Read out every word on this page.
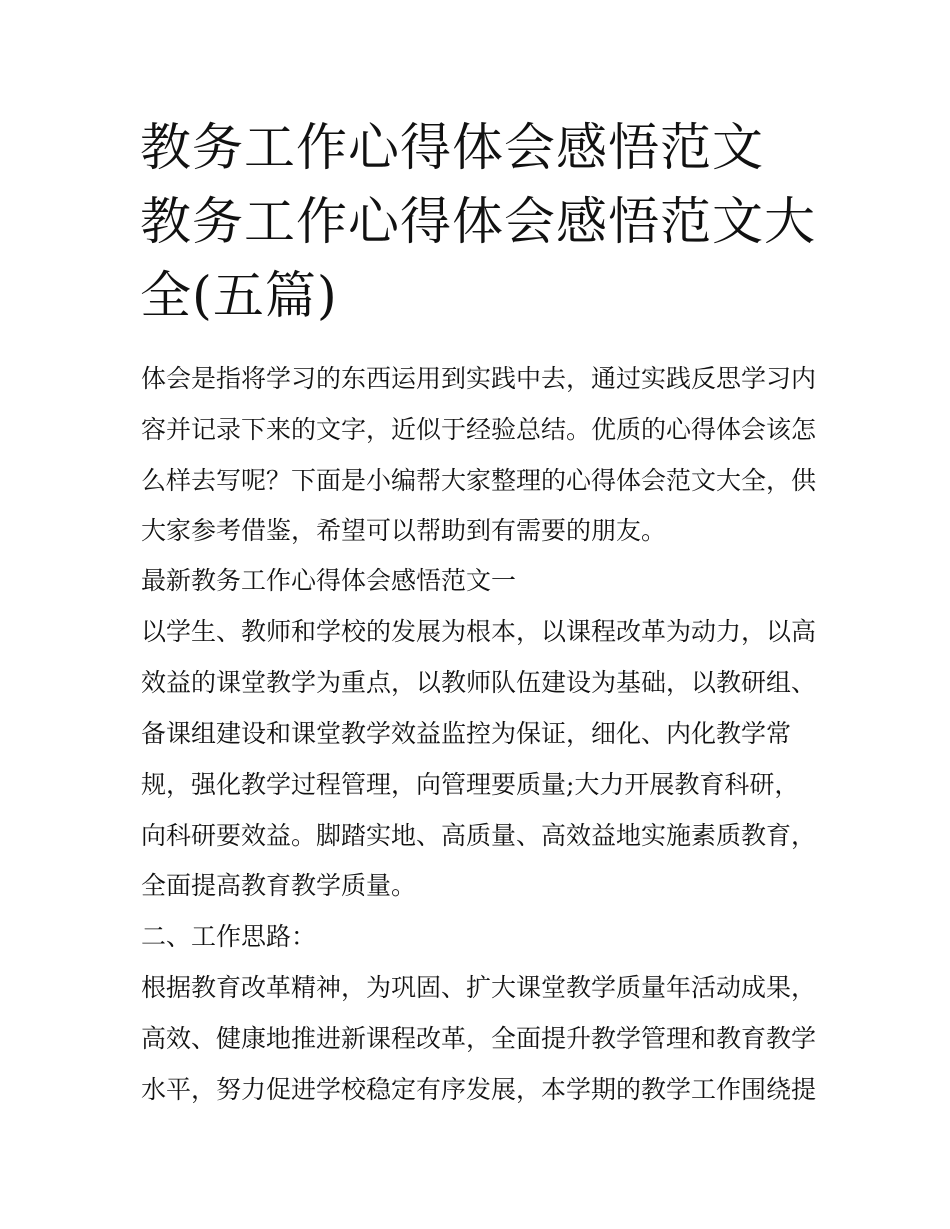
教务工作心得体会感悟范文 教务工作心得体会感悟范文大全(五篇)

体会是指将学习的东西运用到实践中去，通过实践反思学习内

容并记录下来的文字，近似于经验总结。优质的心得体会该怎

么样去写呢？下面是小编帮大家整理的心得体会范文大全，供

大家参考借鉴，希望可以帮助到有需要的朋友。

最新教务工作心得体会感悟范文一

以学生、教师和学校的发展为根本，以课程改革为动力，以高

效益的课堂教学为重点，以教师队伍建设为基础，以教研组、

备课组建设和课堂教学效益监控为保证，细化、内化教学常

规，强化教学过程管理，向管理要质量;大力开展教育科研，

向科研要效益。脚踏实地、高质量、高效益地实施素质教育，

全面提高教育教学质量。

二、工作思路：

根据教育改革精神，为巩固、扩大课堂教学质量年活动成果，

高效、健康地推进新课程改革，全面提升教学管理和教育教学

水平，努力促进学校稳定有序发展，本学期的教学工作围绕提
